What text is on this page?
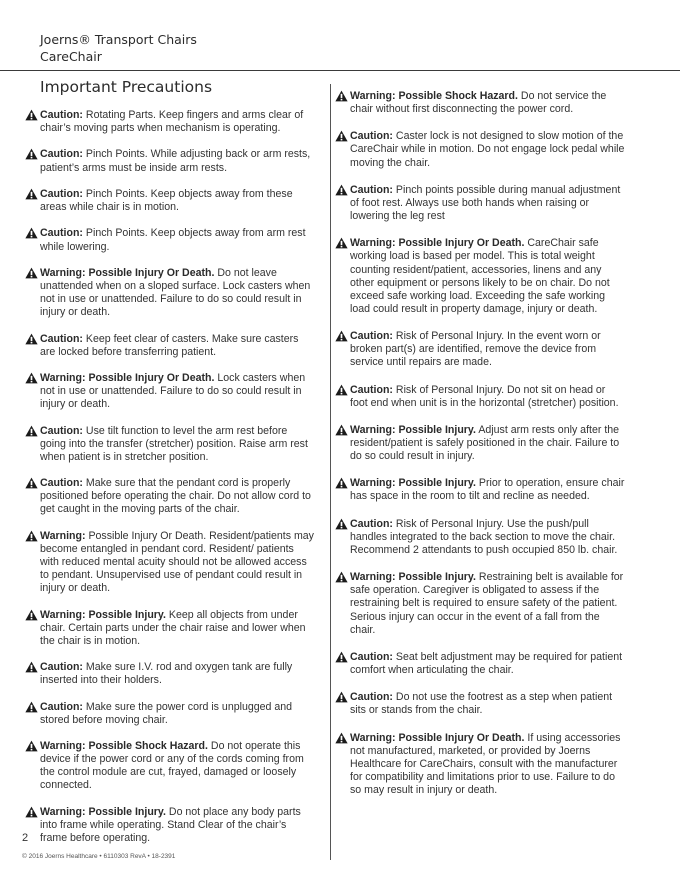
Joerns® Transport Chairs
CareChair
Important Precautions
Caution: Rotating Parts. Keep fingers and arms clear of chair’s moving parts when mechanism is operating.
Caution: Pinch Points. While adjusting back or arm rests, patient’s arms must be inside arm rests.
Caution: Pinch Points. Keep objects away from these areas while chair is in motion.
Caution: Pinch Points. Keep objects away from arm rest while lowering.
Warning: Possible Injury Or Death. Do not leave unattended when on a sloped surface. Lock casters when not in use or unattended. Failure to do so could result in injury or death.
Caution: Keep feet clear of casters. Make sure casters are locked before transferring patient.
Warning: Possible Injury Or Death. Lock casters when not in use or unattended. Failure to do so could result in injury or death.
Caution: Use tilt function to level the arm rest before going into the transfer (stretcher) position. Raise arm rest when patient is in stretcher position.
Caution: Make sure that the pendant cord is properly positioned before operating the chair. Do not allow cord to get caught in the moving parts of the chair.
Warning: Possible Injury Or Death. Resident/patients may become entangled in pendant cord. Resident/ patients with reduced mental acuity should not be allowed access to pendant. Unsupervised use of pendant could result in injury or death.
Warning: Possible Injury. Keep all objects from under chair. Certain parts under the chair raise and lower when the chair is in motion.
Caution: Make sure I.V. rod and oxygen tank are fully inserted into their holders.
Caution: Make sure the power cord is unplugged and stored before moving chair.
Warning: Possible Shock Hazard. Do not operate this device if the power cord or any of the cords coming from the control module are cut, frayed, damaged or loosely connected.
Warning: Possible Injury. Do not place any body parts into frame while operating. Stand Clear of the chair’s frame before operating.
Warning: Possible Shock Hazard. Do not service the chair without first disconnecting the power cord.
Caution: Caster lock is not designed to slow motion of the CareChair while in motion. Do not engage lock pedal while moving the chair.
Caution: Pinch points possible during manual adjustment of foot rest. Always use both hands when raising or lowering the leg rest
Warning: Possible Injury Or Death. CareChair safe working load is based per model. This is total weight counting resident/patient, accessories, linens and any other equipment or persons likely to be on chair. Do not exceed safe working load. Exceeding the safe working load could result in property damage, injury or death.
Caution: Risk of Personal Injury. In the event worn or broken part(s) are identified, remove the device from service until repairs are made.
Caution: Risk of Personal Injury. Do not sit on head or foot end when unit is in the horizontal (stretcher) position.
Warning: Possible Injury. Adjust arm rests only after the resident/patient is safely positioned in the chair. Failure to do so could result in injury.
Warning: Possible Injury. Prior to operation, ensure chair has space in the room to tilt and recline as needed.
Caution: Risk of Personal Injury. Use the push/pull handles integrated to the back section to move the chair. Recommend 2 attendants to push occupied 850 lb. chair.
Warning: Possible Injury. Restraining belt is available for safe operation. Caregiver is obligated to assess if the restraining belt is required to ensure safety of the patient. Serious injury can occur in the event of a fall from the chair.
Caution: Seat belt adjustment may be required for patient comfort when articulating the chair.
Caution: Do not use the footrest as a step when patient sits or stands from the chair.
Warning: Possible Injury Or Death. If using accessories not manufactured, marketed, or provided by Joerns Healthcare for CareChairs, consult with the manufacturer for compatibility and limitations prior to use. Failure to do so may result in injury or death.
2
© 2016 Joerns Healthcare • 6110303 RevA • 18-2391
